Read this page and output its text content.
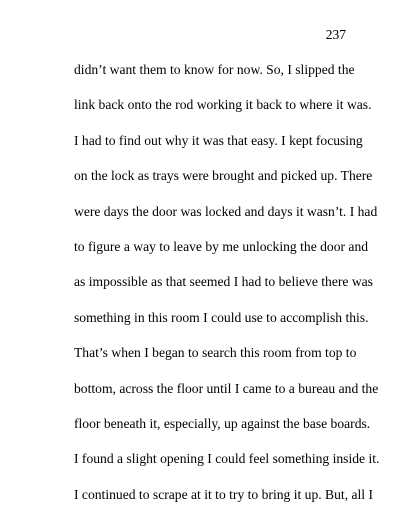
237
didn’t want them to know for now. So, I slipped the
link back onto the rod working it back to where it was.
I had to find out why it was that easy. I kept focusing
on the lock as trays were brought and picked up. There
were days the door was locked and days it wasn’t. I had
to figure a way to leave by me unlocking the door and
as impossible as that seemed I had to believe there was
something in this room I could use to accomplish this.
That’s when I began to search this room from top to
bottom, across the floor until I came to a bureau and the
floor beneath it, especially, up against the base boards.
I found a slight opening I could feel something inside it.
I continued to scrape at it to try to bring it up. But, all I
